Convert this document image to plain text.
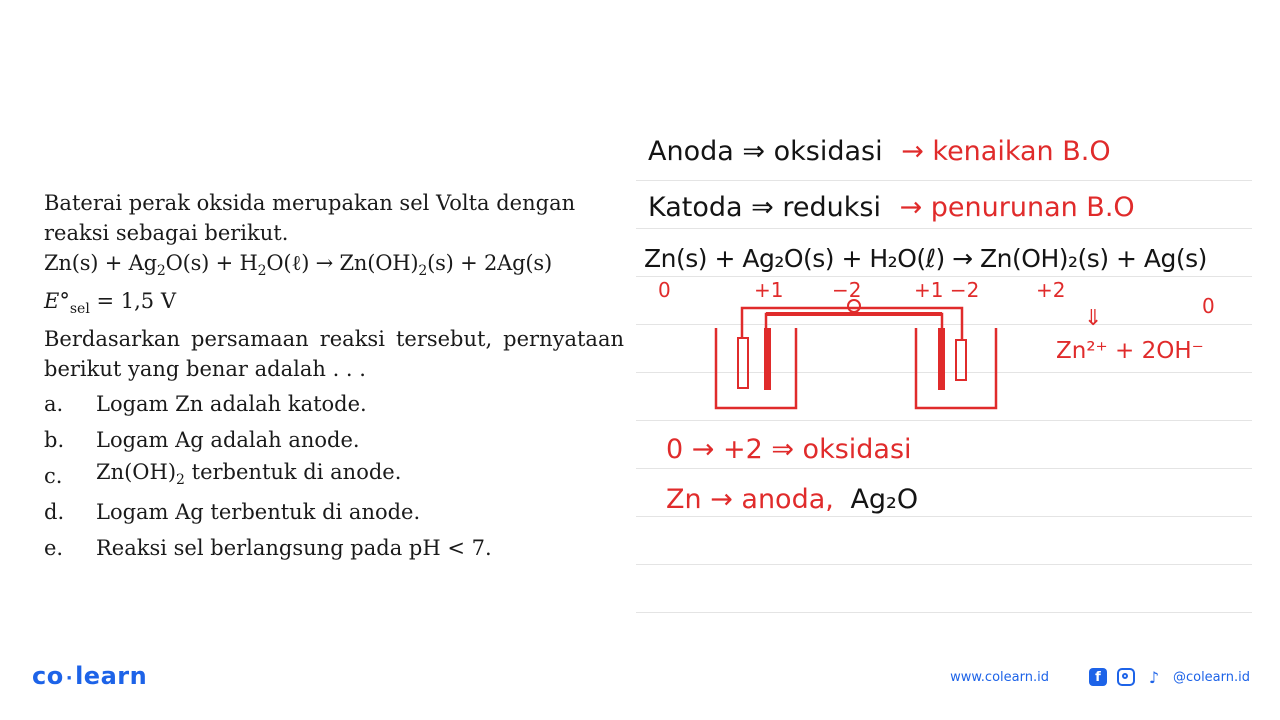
Baterai perak oksida merupakan sel Volta dengan

reaksi sebagai berikut.

$Zn(s) + Ag_2O(s)$ + $H_2O(\ell) \to Zn(OH)_2(s) + 2Ag(s)$

$E^\circ_{sel} = 1,5$ V

Berdasarkan persamaan reaksi tersebut, pernyataan berikut yang benar adalah . . .

a.	Logam Zn adalah katode.
b.	Logam Ag adalah anode.
c.	$Zn(OH)_2$ terbentuk di anode.
d.	Logam Ag terbentuk di anode.
e.	Reaksi sel berlangsung pada pH < 7.
Anoda ⇒ oksidasi → kenaikan B.O
Katoda ⇒ reduksi → penurunan B.O
Zn(s) + Ag₂O(s) + H₂O(ℓ) → Zn(OH)₂(s) + Ag(s)
0	+1 −2	+1 −2	+2
0
⇓
Zn²⁺ + 2OH⁻
0 → +2 ⇒ oksidasi
Zn → anoda, Ag₂O
co ·learn	www.colearn.id	f	♪ @colearn.id
